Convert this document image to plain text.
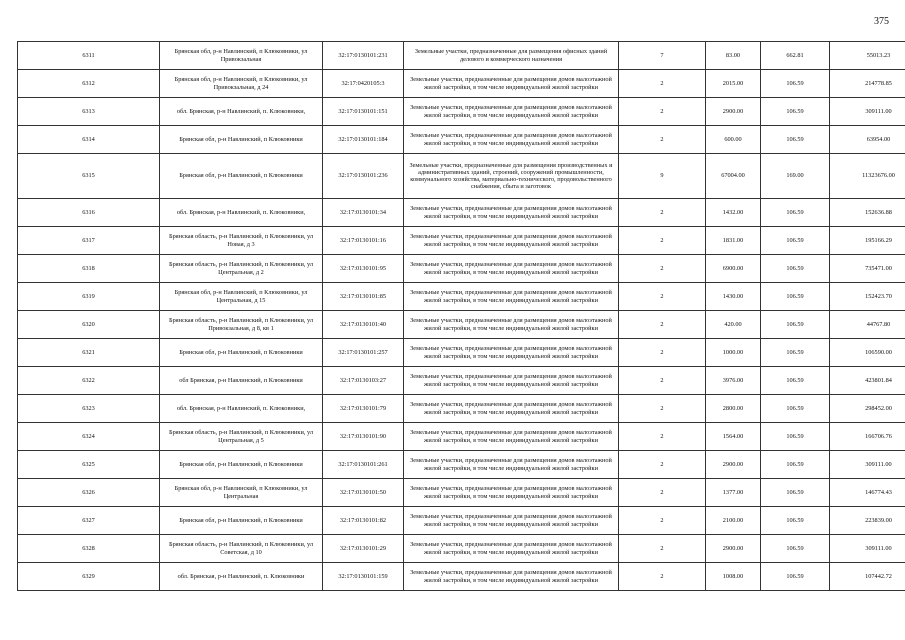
375
6311	Брянская обл, р-н Навлинский, п Клюковники, ул Привокзальная	32:17:0130101:231	Земельные участки, предназначенные для размещения офисных зданий делового и коммерческого назначения	7	83.00	662.81	55013.23
6312	Брянская обл, р-н Навлинский, п Клюковники, ул Привокзальная, д 24	32:17:0420105:3	Земельные участки, предназначенные для размещения домов малоэтажной жилой застройки, в том числе индивидуальной жилой застройки	2	2015.00	106.59	214778.85
6313	обл. Брянская, р-н Навлинский, п. Клюковники,	32:17:0130101:151	Земельные участки, предназначенные для размещения домов малоэтажной жилой застройки, в том числе индивидуальной жилой застройки	2	2900.00	106.59	309111.00
6314	Брянская обл, р-н Навлинский, п Клюковники	32:17:0130101:184	Земельные участки, предназначенные для размещения домов малоэтажной жилой застройки, в том числе индивидуальной жилой застройки	2	600.00	106.59	63954.00
6315	Брянская обл, р-н Навлинский, п Клюковники	32:17:0130101:236	Земельные участки, предназначенные для размещения производственных и административных зданий, строений, сооружений промышленности, коммунального хозяйства, материально-технического, продовольственного снабжения, сбыта и заготовок	9	67004.00	169.00	11323676.00
6316	обл. Брянская, р-н Навлинский, п. Клюковники,	32:17:0130101:34	Земельные участки, предназначенные для размещения домов малоэтажной жилой застройки, в том числе индивидуальной жилой застройки	2	1432.00	106.59	152636.88
6317	Брянская область, р-н Навлинский, п Клюковники, ул Новая, д 3	32:17:0130101:16	Земельные участки, предназначенные для размещения домов малоэтажной жилой застройки, в том числе индивидуальной жилой застройки	2	1831.00	106.59	195166.29
6318	Брянская область, р-н Навлинский, п Клюковники, ул Центральная, д 2	32:17:0130101:95	Земельные участки, предназначенные для размещения домов малоэтажной жилой застройки, в том числе индивидуальной жилой застройки	2	6900.00	106.59	735471.00
6319	Брянская обл, р-н Навлинский, п Клюковники, ул Центральная, д 15	32:17:0130101:85	Земельные участки, предназначенные для размещения домов малоэтажной жилой застройки, в том числе индивидуальной жилой застройки	2	1430.00	106.59	152423.70
6320	Брянская область, р-н Навлинский, п Клюковники, ул Привокзальная, д 8, кв 1	32:17:0130101:40	Земельные участки, предназначенные для размещения домов малоэтажной жилой застройки, в том числе индивидуальной жилой застройки	2	420.00	106.59	44767.80
6321	Брянская обл, р-н Навлинский, п Клюковники	32:17:0130101:257	Земельные участки, предназначенные для размещения домов малоэтажной жилой застройки, в том числе индивидуальной жилой застройки	2	1000.00	106.59	106590.00
6322	обл Брянская, р-н Навлинский, п Клюковники	32:17:0130103:27	Земельные участки, предназначенные для размещения домов малоэтажной жилой застройки, в том числе индивидуальной жилой застройки	2	3976.00	106.59	423801.84
6323	обл. Брянская, р-н Навлинский, п. Клюковники,	32:17:0130101:79	Земельные участки, предназначенные для размещения домов малоэтажной жилой застройки, в том числе индивидуальной жилой застройки	2	2800.00	106.59	298452.00
6324	Брянская область, р-н Навлинский, п Клюковники, ул Центральная, д 5	32:17:0130101:90	Земельные участки, предназначенные для размещения домов малоэтажной жилой застройки, в том числе индивидуальной жилой застройки	2	1564.00	106.59	166706.76
6325	Брянская обл, р-н Навлинский, п Клюковники	32:17:0130101:261	Земельные участки, предназначенные для размещения домов малоэтажной жилой застройки, в том числе индивидуальной жилой застройки	2	2900.00	106.59	309111.00
6326	Брянская обл, р-н Навлинский, п Клюковники, ул Центральная	32:17:0130101:50	Земельные участки, предназначенные для размещения домов малоэтажной жилой застройки, в том числе индивидуальной жилой застройки	2	1377.00	106.59	146774.43
6327	Брянская обл, р-н Навлинский, п Клюковники	32:17:0130101:82	Земельные участки, предназначенные для размещения домов малоэтажной жилой застройки, в том числе индивидуальной жилой застройки	2	2100.00	106.59	223839.00
6328	Брянская область, р-н Навлинский, п Клюковники, ул Советская, д 10	32:17:0130101:29	Земельные участки, предназначенные для размещения домов малоэтажной жилой застройки, в том числе индивидуальной жилой застройки	2	2900.00	106.59	309111.00
6329	обл. Брянская, р-н Навлинский, п. Клюковники	32:17:0130101:159	Земельные участки, предназначенные для размещения домов малоэтажной жилой застройки, в том числе индивидуальной жилой застройки	2	1008.00	106.59	107442.72
